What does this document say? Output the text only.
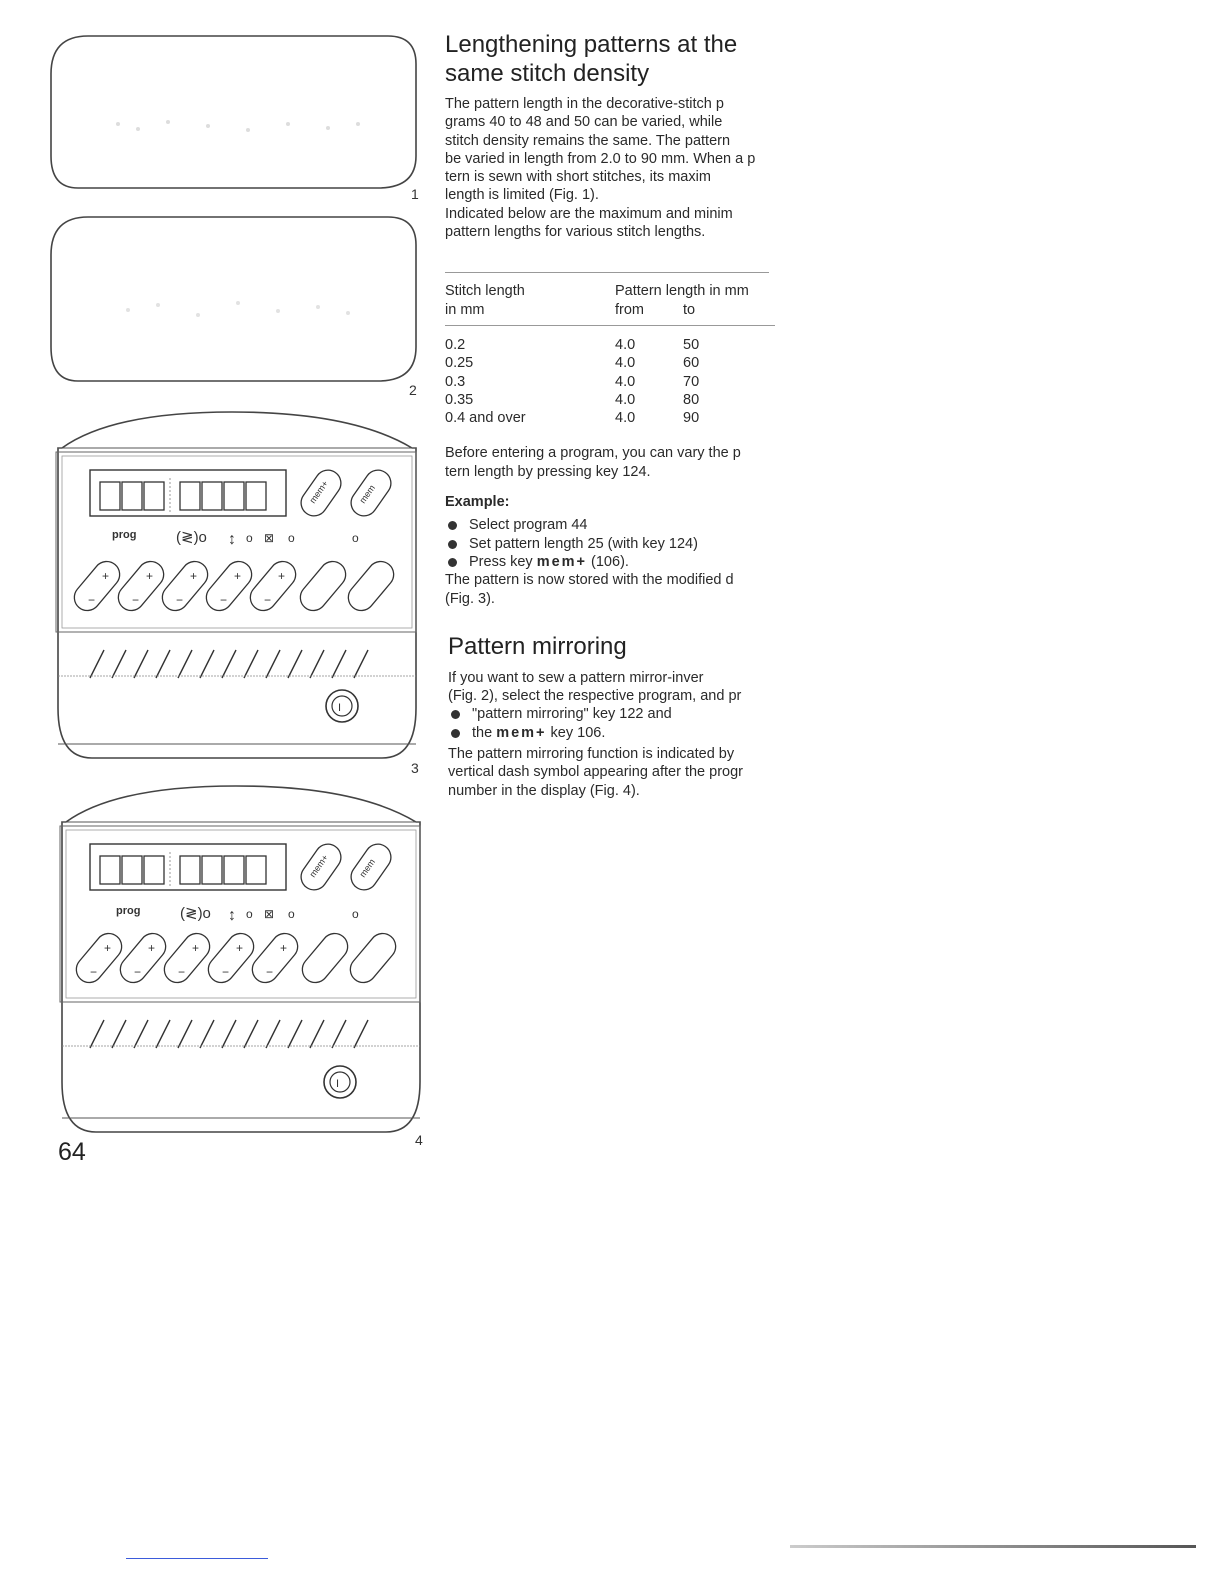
1
2
mem+	mem
prog	(≷)o ↕ o ⊠ o	o
+
−
+
−
+
−
+
−
+
−
I
3
mem+	mem
prog	(≷)o ↕ o ⊠ o	o
+
−
+
−
+
−
+
−
+
−
I
4
64
Lengthening patterns at the
same stitch density

The pattern length in the decorative-stitch p
grams 40 to 48 and 50 can be varied, while
stitch density remains the same. The pattern
be varied in length from 2.0 to 90 mm. When a p
tern is sewn with short stitches, its maxim
length is limited (Fig. 1).
Indicated below are the maximum and minim
pattern lengths for various stitch lengths.

Stitch length
in mm	Pattern length in mm
from	to
0.2	4.0	50
0.25	4.0	60
0.3	4.0	70
0.35	4.0	80
0.4 and over	4.0	90

Before entering a program, you can vary the p
tern length by pressing key 124.

Example:

Select program 44
Set pattern length 25 (with key 124)
Press key mem+ (106).

The pattern is now stored with the modified d
(Fig. 3).

Pattern mirroring

If you want to sew a pattern mirror-inver
(Fig. 2), select the respective program, and pr

"pattern mirroring" key 122 and
the mem+ key 106.

The pattern mirroring function is indicated by
vertical dash symbol appearing after the progr
number in the display (Fig. 4).
